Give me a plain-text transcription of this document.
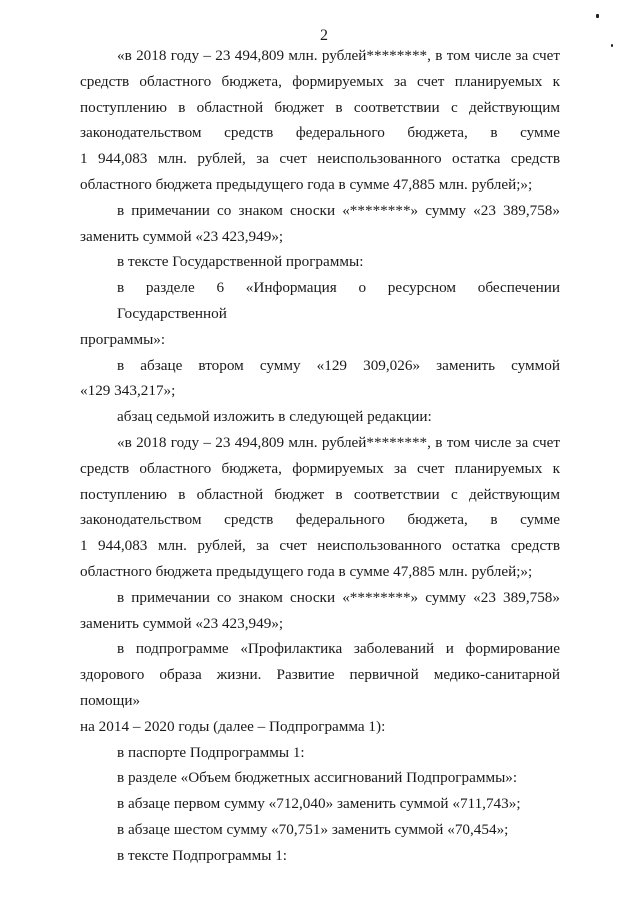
2
«в 2018 году – 23 494,809 млн. рублей********, в том числе за счет
средств областного бюджета, формируемых за счет планируемых к
поступлению в областной бюджет в соответствии с действующим
законодательством средств федерального бюджета, в сумме
1 944,083 млн. рублей, за счет неиспользованного остатка средств
областного бюджета предыдущего года в сумме 47,885 млн. рублей;»;
в примечании со знаком сноски «********» сумму «23 389,758»
заменить суммой «23 423,949»;
в тексте Государственной программы:
в разделе 6 «Информация о ресурсном обеспечении Государственной
программы»:
в абзаце втором сумму «129 309,026» заменить суммой
«129 343,217»;
абзац седьмой изложить в следующей редакции:
«в 2018 году – 23 494,809 млн. рублей********, в том числе за счет
средств областного бюджета, формируемых за счет планируемых к
поступлению в областной бюджет в соответствии с действующим
законодательством средств федерального бюджета, в сумме
1 944,083 млн. рублей, за счет неиспользованного остатка средств
областного бюджета предыдущего года в сумме 47,885 млн. рублей;»;
в примечании со знаком сноски «********» сумму «23 389,758»
заменить суммой «23 423,949»;
в подпрограмме «Профилактика заболеваний и формирование
здорового образа жизни. Развитие первичной медико-санитарной помощи»
на 2014 – 2020 годы (далее – Подпрограмма 1):
в паспорте Подпрограммы 1:
в разделе «Объем бюджетных ассигнований Подпрограммы»:
в абзаце первом сумму «712,040» заменить суммой «711,743»;
в абзаце шестом сумму «70,751» заменить суммой «70,454»;
в тексте Подпрограммы 1:
